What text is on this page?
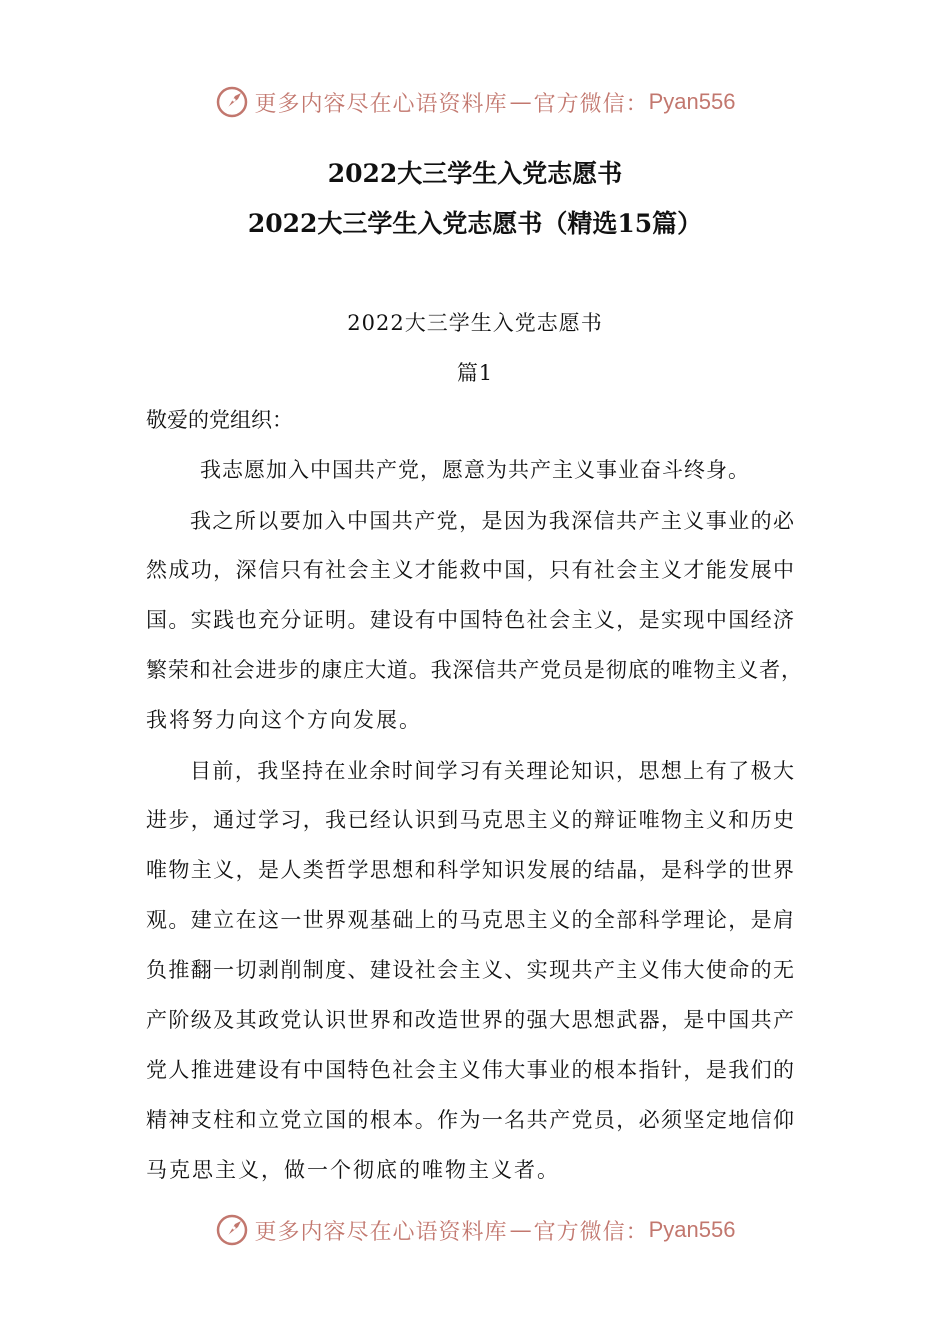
更多内容尽在心语资料库 — 官方微信： Pyan556
2022大三学生入党志愿书
2022大三学生入党志愿书（精选15篇）
2022大三学生入党志愿书
篇1
敬爱的党组织：
我志愿加入中国共产党，愿意为共产主义事业奋斗终身。
我之所以要加入中国共产党，是因为我深信共产主义事业的必
然成功，深信只有社会主义才能救中国，只有社会主义才能发展中
国。实践也充分证明。建设有中国特色社会主义，是实现中国经济
繁荣和社会进步的康庄大道。我深信共产党员是彻底的唯物主义者，
我将努力向这个方向发展。
目前，我坚持在业余时间学习有关理论知识，思想上有了极大
进步，通过学习，我已经认识到马克思主义的辩证唯物主义和历史
唯物主义，是人类哲学思想和科学知识发展的结晶，是科学的世界
观。建立在这一世界观基础上的马克思主义的全部科学理论，是肩
负推翻一切剥削制度、建设社会主义、实现共产主义伟大使命的无
产阶级及其政党认识世界和改造世界的强大思想武器，是中国共产
党人推进建设有中国特色社会主义伟大事业的根本指针，是我们的
精神支柱和立党立国的根本。作为一名共产党员，必须坚定地信仰
马克思主义，做一个彻底的唯物主义者。
更多内容尽在心语资料库 — 官方微信： Pyan556
